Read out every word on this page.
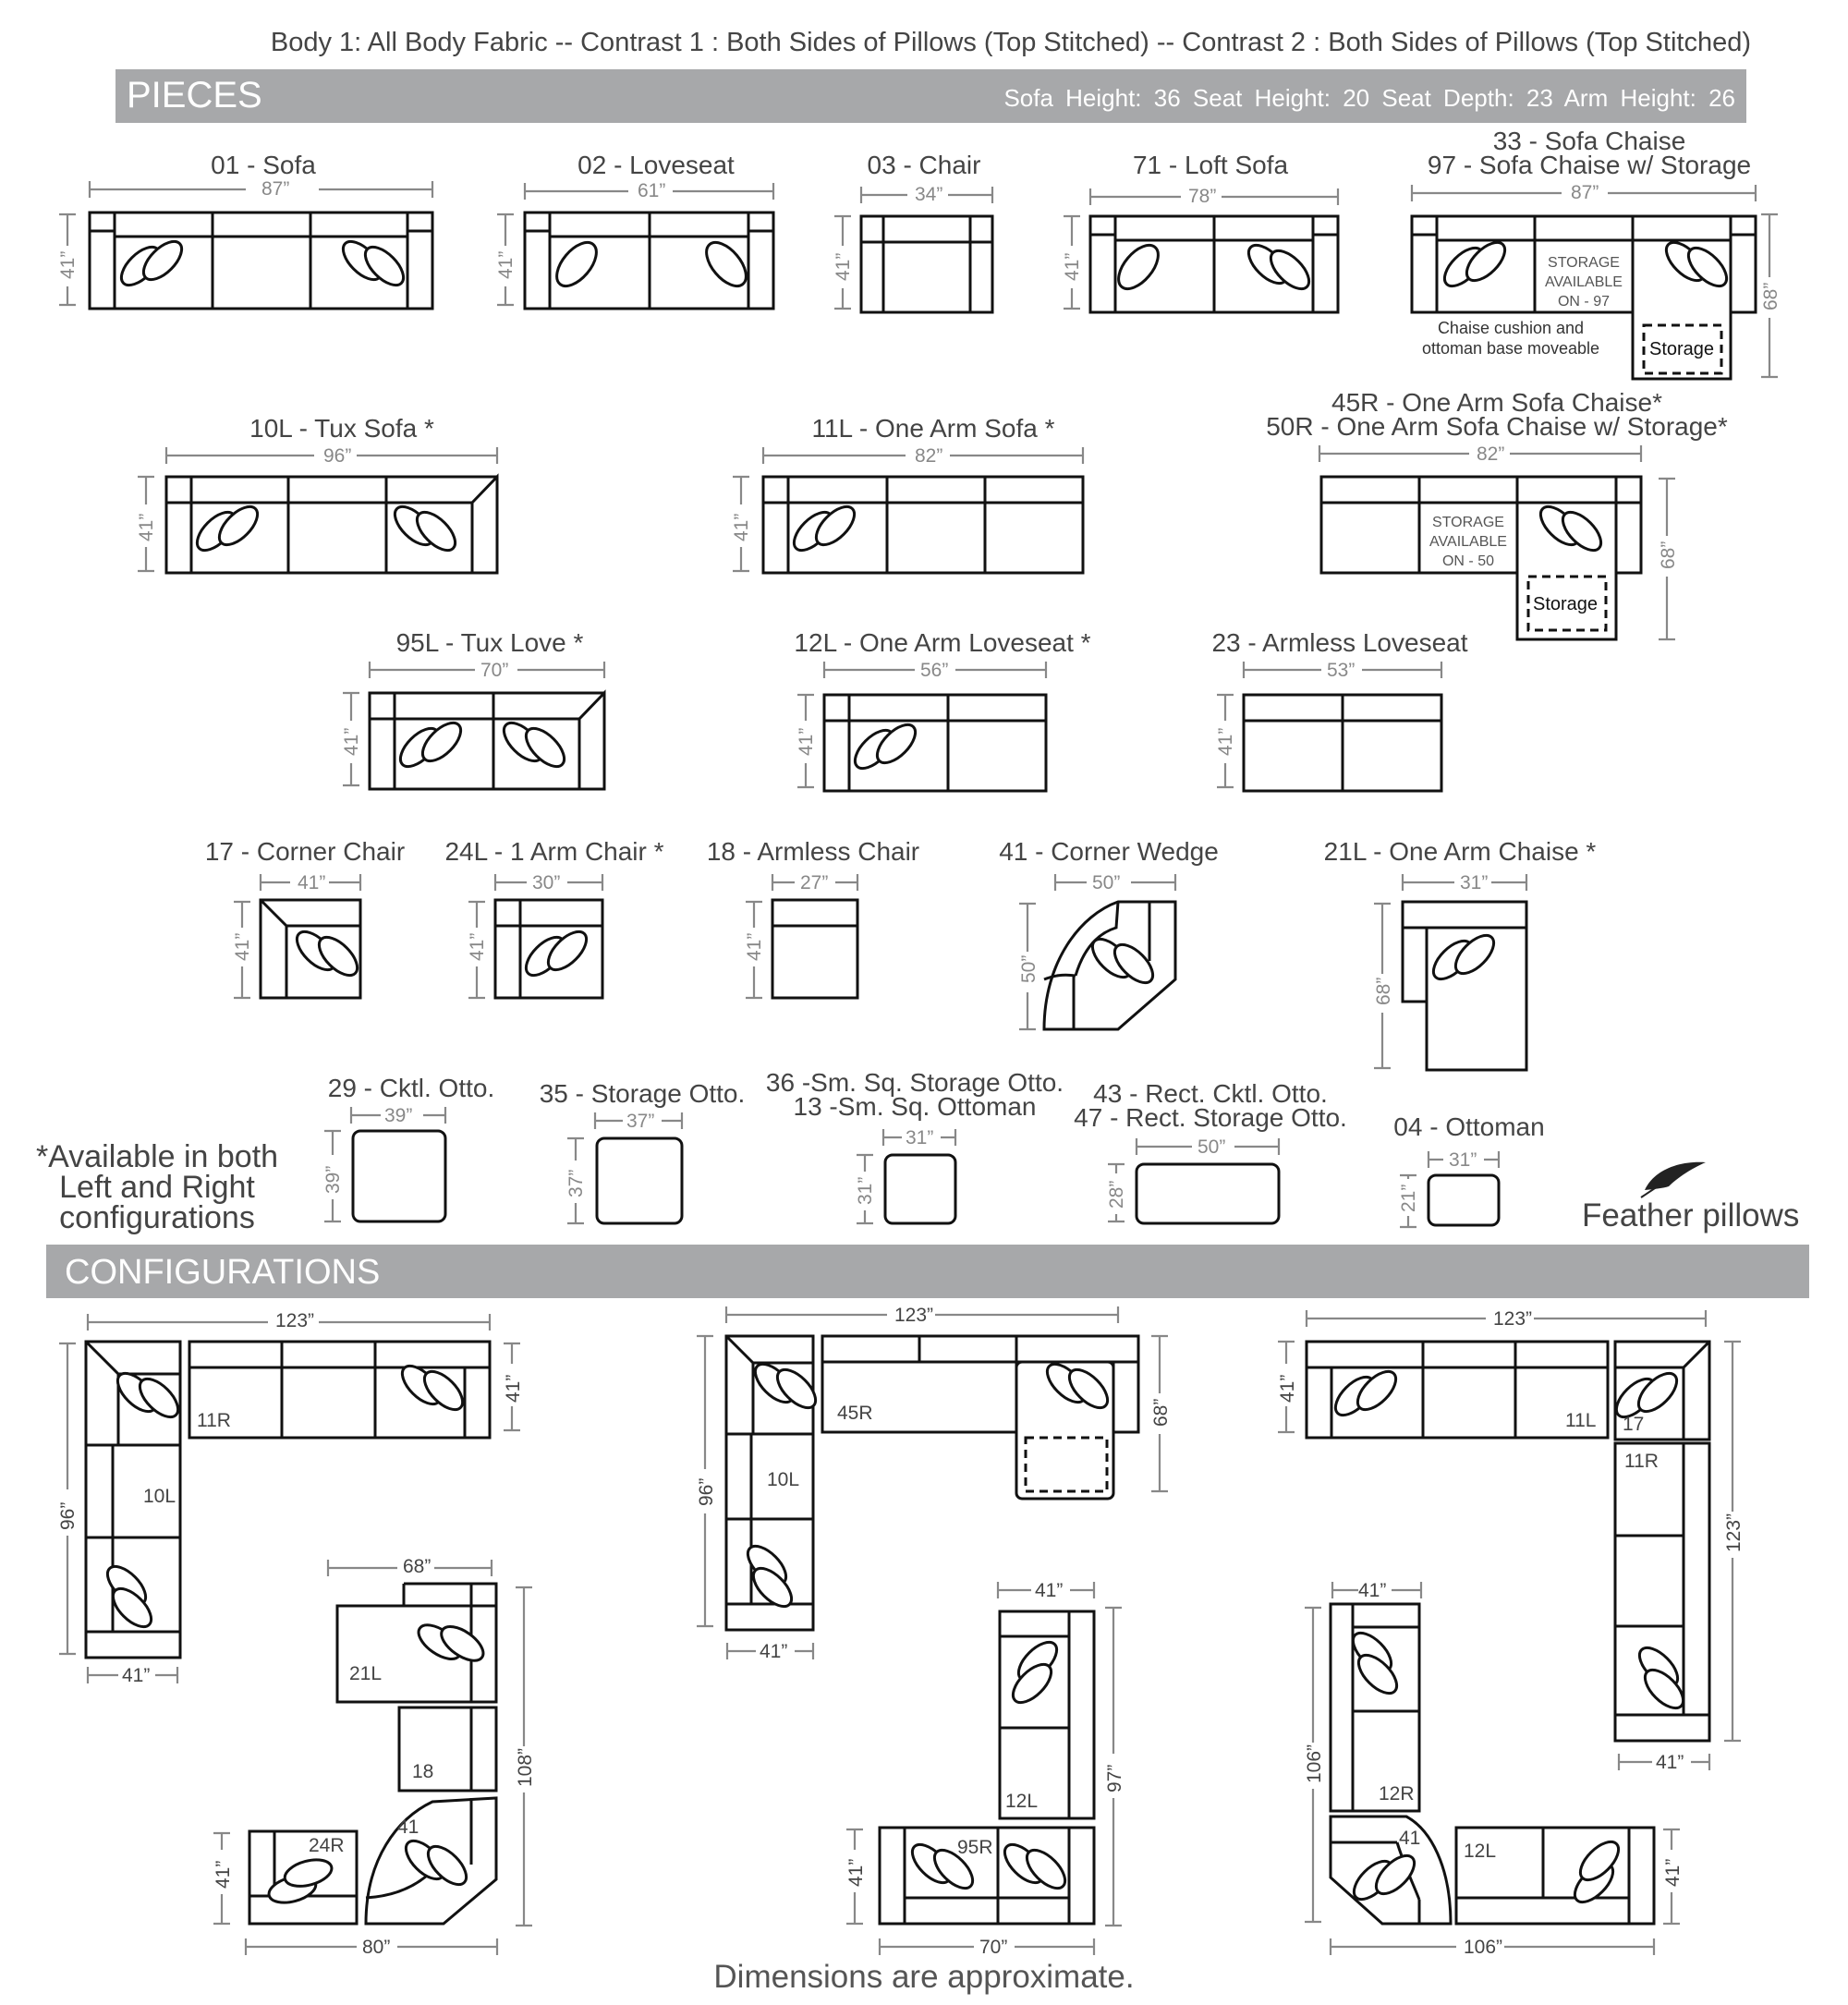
Body 1: All Body Fabric -- Contrast 1 : Both Sides of Pillows (Top Stitched) -- Contrast 2 : Both Sides of Pillows (Top Stitched)
PIECES	Sofa Height: 36 Seat Height: 20 Seat Depth: 23 Arm Height: 26
CONFIGURATIONS
01 - Sofa	02 - Loveseat	03 - Chair	71 - Loft Sofa
33 - Sofa Chaise
97 - Sofa Chaise w/ Storage
10L - Tux Sofa *	11L - One Arm Sofa *
45R - One Arm Sofa Chaise*
50R - One Arm Sofa Chaise w/ Storage*
95L - Tux Love *	12L - One Arm Loveseat *	23 - Armless Loveseat
17 - Corner Chair	24L - 1 Arm Chair *	18 - Armless Chair	41 - Corner Wedge	21L - One Arm Chaise *
29 - Cktl. Otto.	35 - Storage Otto. 36 -Sm. Sq. Storage Otto.
13 -Sm. Sq. Ottoman	43 - Rect. Cktl. Otto.
47 - Rect. Storage Otto.	04 - Ottoman
Chaise cushion and
ottoman base moveable
*Available in both
Left and Right
configurations	Feather pillows
Dimensions are approximate.
87”
41”
61”
41”
34”
41”
78”
41”
87”
68”
Storage
STORAGE
AVAILABLE
ON - 97
96”
41”
82”
41”
82”
68”
Storage
STORAGE
AVAILABLE
ON - 50
70”
41”
56”
41”
53”
41”
41”
41”
30”
41”
27”
41”
50”
50”
31”
68”
39”
39”
37”
37”
31”
31”
50”
28”
31”
21”
123”
96”
41”
41”
11R
10L
68”
108”
21L
18
41
24R
41”
80”
123”
96”
68”
41”
45R
10L
41”
97”
12L
95R
41”
70”
123”
41”
123”
41”
11L 17
11R
41”
106”
12R
41
12L
41”
106”
